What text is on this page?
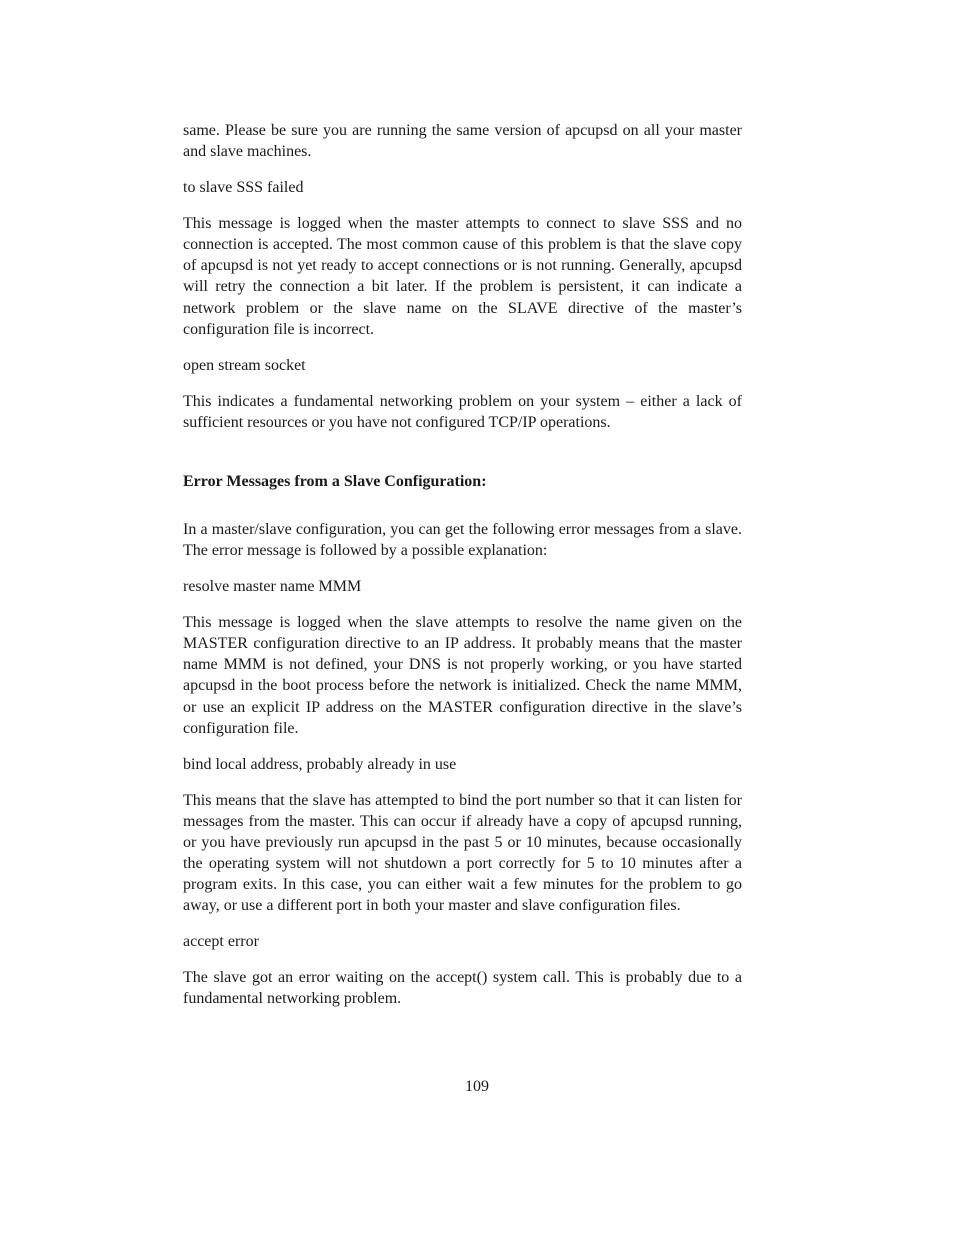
same. Please be sure you are running the same version of apcupsd on all your master and slave machines.

to slave SSS failed

This message is logged when the master attempts to connect to slave SSS and no connection is accepted. The most common cause of this problem is that the slave copy of apcupsd is not yet ready to accept connections or is not running. Generally, apcupsd will retry the connection a bit later. If the problem is persistent, it can indicate a network problem or the slave name on the SLAVE directive of the master’s configuration file is incorrect.

open stream socket

This indicates a fundamental networking problem on your system – either a lack of sufficient resources or you have not configured TCP/IP operations.

Error Messages from a Slave Configuration:

In a master/slave configuration, you can get the following error messages from a slave. The error message is followed by a possible explanation:

resolve master name MMM

This message is logged when the slave attempts to resolve the name given on the MASTER configuration directive to an IP address. It probably means that the master name MMM is not defined, your DNS is not properly working, or you have started apcupsd in the boot process before the network is initialized. Check the name MMM, or use an explicit IP address on the MASTER configuration directive in the slave’s configuration file.

bind local address, probably already in use

This means that the slave has attempted to bind the port number so that it can listen for messages from the master. This can occur if already have a copy of apcupsd running, or you have previously run apcupsd in the past 5 or 10 minutes, because occasionally the operating system will not shutdown a port correctly for 5 to 10 minutes after a program exits. In this case, you can either wait a few minutes for the problem to go away, or use a different port in both your master and slave configuration files.

accept error

The slave got an error waiting on the accept() system call. This is probably due to a fundamental networking problem.

109
